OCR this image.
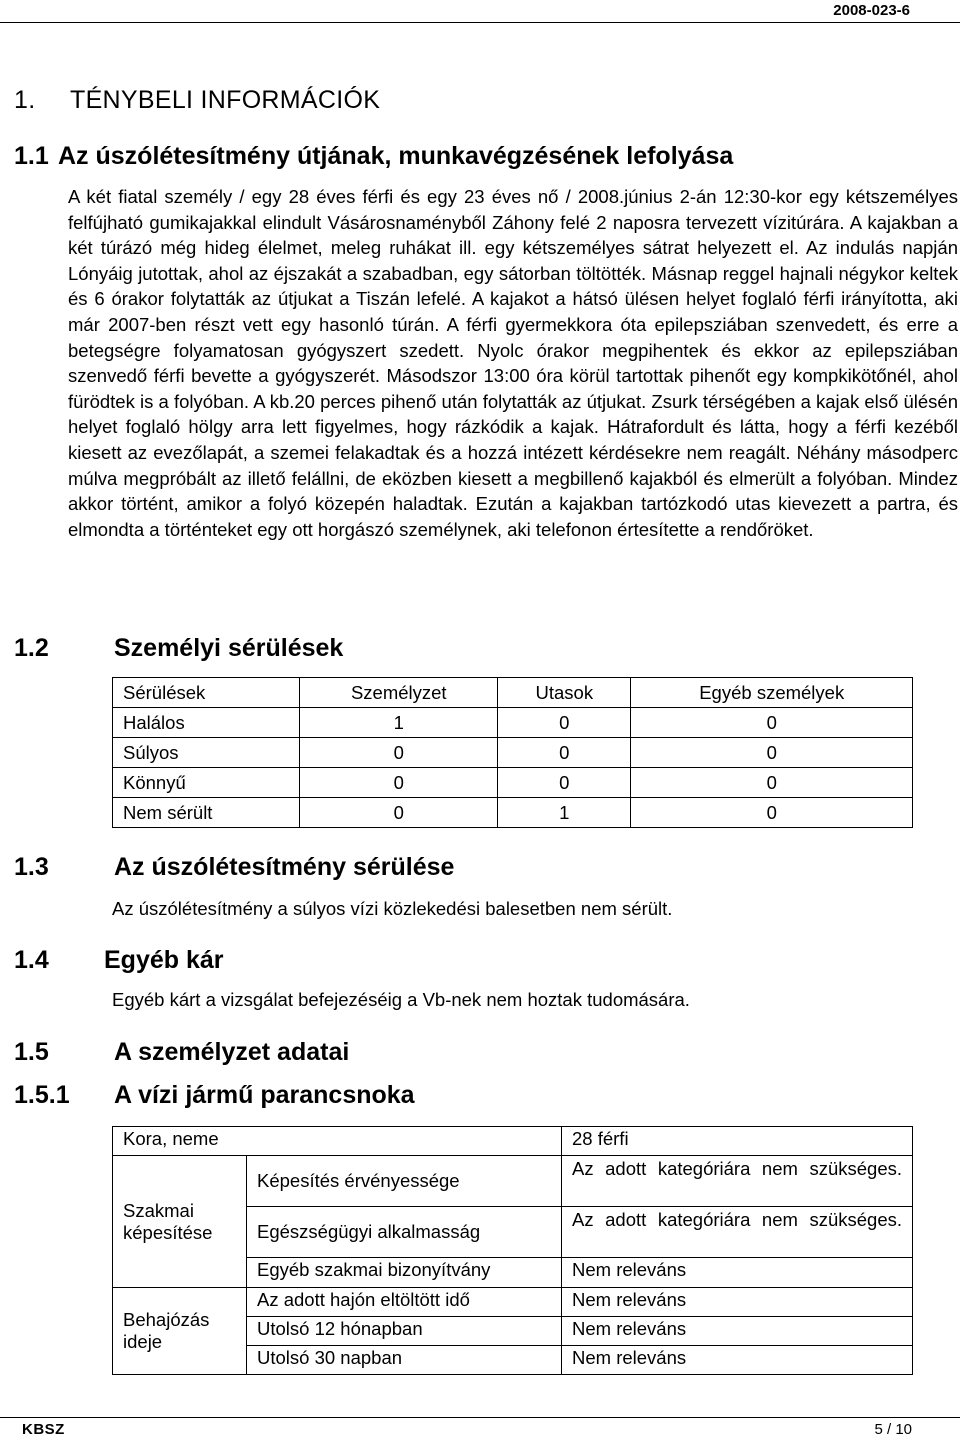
2008-023-6
1. TÉNYBELI INFORMÁCIÓK
1.1 Az úszólétesítmény útjának, munkavégzésének lefolyása
A két fiatal személy / egy 28 éves férfi és egy 23 éves nő / 2008.június 2-án 12:30-kor egy kétszemélyes felfújható gumikajakkal elindult Vásárosnaményből Záhony felé 2 naposra tervezett vízitúrára. A kajakban a két túrázó még hideg élelmet, meleg ruhákat ill. egy kétszemélyes sátrat helyezett el. Az indulás napján Lónyáig jutottak, ahol az éjszakát a szabadban, egy sátorban töltötték. Másnap reggel hajnali négykor keltek és 6 órakor folytatták az útjukat a Tiszán lefelé. A kajakot a hátsó ülésen helyet foglaló férfi irányította, aki már 2007-ben részt vett egy hasonló túrán. A férfi gyermekkora óta epilepsziában szenvedett, és erre a betegségre folyamatosan gyógyszert szedett. Nyolc órakor megpihentek és ekkor az epilepsziában szenvedő férfi bevette a gyógyszerét. Másodszor 13:00 óra körül tartottak pihenőt egy kompkikötőnél, ahol fürödtek is a folyóban. A kb.20 perces pihenő után folytatták az útjukat. Zsurk térségében a kajak első ülésén helyet foglaló hölgy arra lett figyelmes, hogy rázkódik a kajak. Hátrafordult és látta, hogy a férfi kezéből kiesett az evezőlapát, a szemei felakadtak és a hozzá intézett kérdésekre nem reagált. Néhány másodperc múlva megpróbált az illető felállni, de eközben kiesett a megbillenő kajakból és elmerült a folyóban. Mindez akkor történt, amikor a folyó közepén haladtak. Ezután a kajakban tartózkodó utas kievezett a partra, és elmondta a történteket egy ott horgászó személynek, aki telefonon értesítette a rendőröket.
1.2	Személyi sérülések
Sérülések	Személyzet	Utasok	Egyéb személyek
Halálos	1	0	0
Súlyos	0	0	0
Könnyű	0	0	0
Nem sérült	0	1	0
1.3	Az úszólétesítmény sérülése
Az úszólétesítmény a súlyos vízi közlekedési balesetben nem sérült.
1.4 Egyéb kár
Egyéb kárt a vizsgálat befejezéséig a Vb-nek nem hoztak tudomására.
1.5	A személyzet adatai
1.5.1 A vízi jármű parancsnoka
Kora, neme		28 férfi
Szakmai képesítése	Képesítés érvényessége	Az adott kategóriára nem szükséges.
	Egészségügyi alkalmasság	Az adott kategóriára nem szükséges.
	Egyéb szakmai bizonyítvány	Nem releváns
Behajózás ideje	Az adott hajón eltöltött idő	Nem releváns
	Utolsó 12 hónapban	Nem releváns
	Utolsó 30 napban	Nem releváns
KBSZ	5 / 10
